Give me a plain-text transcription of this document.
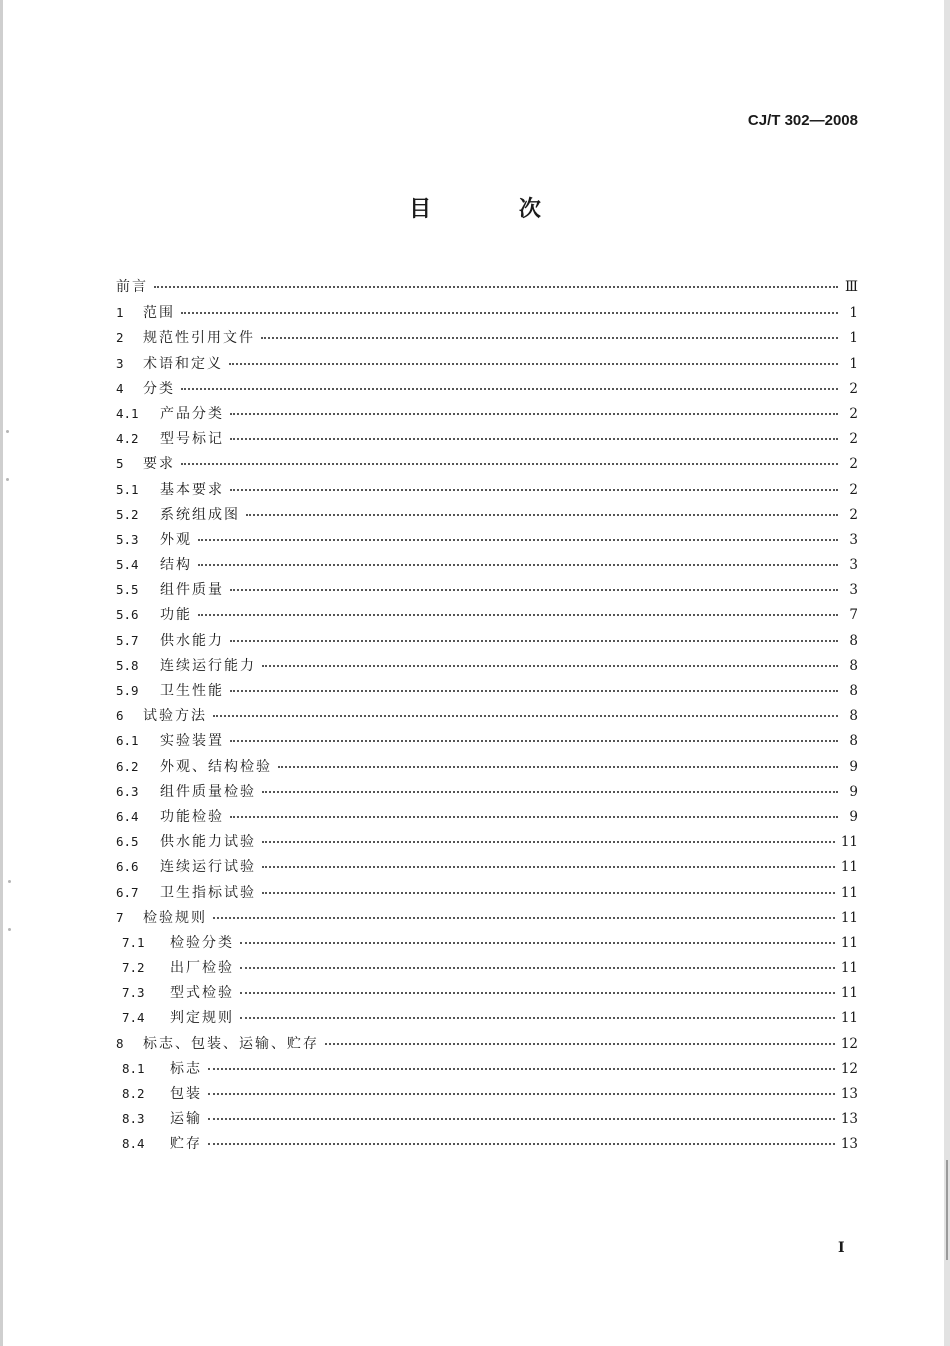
CJ/T 302—2008
目 次
前言	Ⅲ
1	范围	1
2	规范性引用文件	1
3	术语和定义	1
4	分类	2
4.1	产品分类	2
4.2	型号标记	2
5	要求	2
5.1	基本要求	2
5.2	系统组成图	2
5.3	外观	3
5.4	结构	3
5.5	组件质量	3
5.6	功能	7
5.7	供水能力	8
5.8	连续运行能力	8
5.9	卫生性能	8
6	试验方法	8
6.1	实验装置	8
6.2	外观、结构检验	9
6.3	组件质量检验	9
6.4	功能检验	9
6.5	供水能力试验	11
6.6	连续运行试验	11
6.7	卫生指标试验	11
7	检验规则	11
7.1	检验分类	11
7.2	出厂检验	11
7.3	型式检验	11
7.4	判定规则	11
8	标志、包装、运输、贮存	12
8.1	标志	12
8.2	包装	13
8.3	运输	13
8.4	贮存	13
I
